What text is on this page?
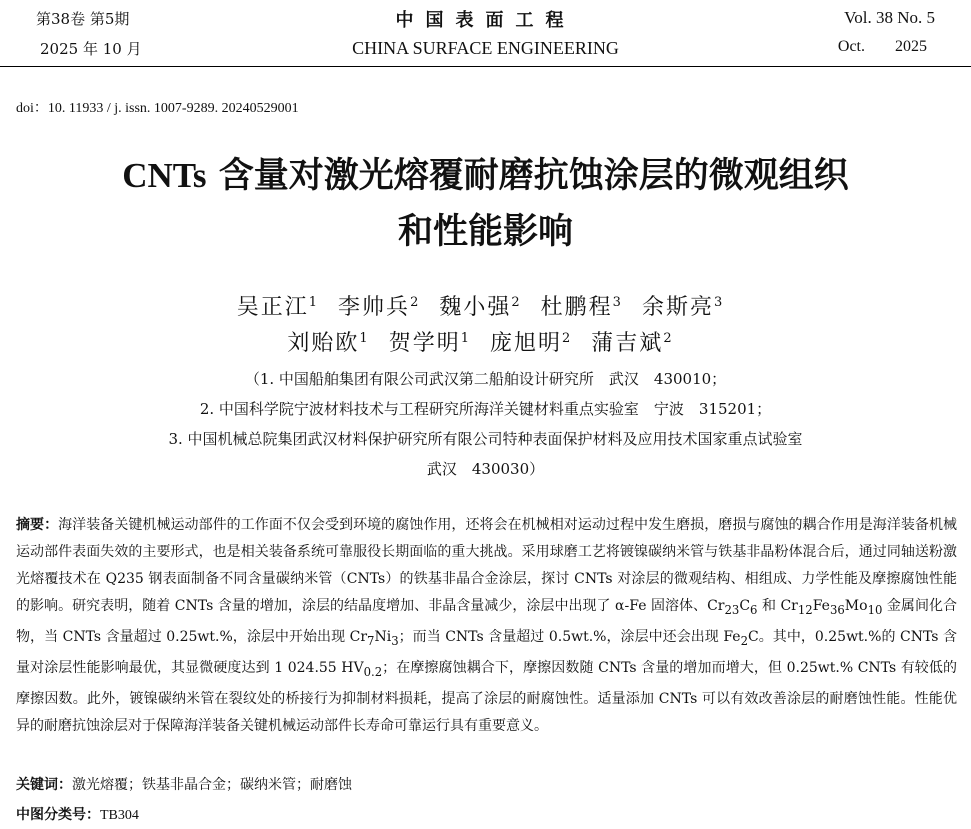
第38卷 第5期
2025 年 10 月
中国表面工程
CHINA SURFACE ENGINEERING
Vol. 38 No. 5
Oct. 2025
doi：10. 11933 / j. issn. 1007-9289. 20240529001
CNTs 含量对激光熔覆耐磨抗蚀涂层的微观组织
和性能影响
吴正江$^1$ 李帅兵$^2$ 魏小强$^2$ 杜鹏程$^3$ 余斯亮$^3$
刘贻欧$^1$ 贺学明$^1$ 庞旭明$^2$ 蒲吉斌$^2$
（1. 中国船舶集团有限公司武汉第二船舶设计研究所　武汉　430010；
2. 中国科学院宁波材料技术与工程研究所海洋关键材料重点实验室　宁波　315201；
3. 中国机械总院集团武汉材料保护研究所有限公司特种表面保护材料及应用技术国家重点试验室
武汉　430030）
摘要：海洋装备关键机械运动部件的工作面不仅会受到环境的腐蚀作用，还将会在机械相对运动过程中发生磨损，磨损与腐蚀的耦合作用是海洋装备机械运动部件表面失效的主要形式，也是相关装备系统可靠服役长期面临的重大挑战。采用球磨工艺将镀镍碳纳米管与铁基非晶粉体混合后，通过同轴送粉激光熔覆技术在 Q235 钢表面制备不同含量碳纳米管（CNTs）的铁基非晶合金涂层，探讨 CNTs 对涂层的微观结构、相组成、力学性能及摩擦腐蚀性能的影响。研究表明，随着 CNTs 含量的增加，涂层的结晶度增加、非晶含量减少，涂层中出现了 α-Fe 固溶体、$Cr_{23}C_6$ 和 $Cr_{12}Fe_{36}Mo_{10}$ 金属间化合物，当 CNTs 含量超过 0.25wt.%，涂层中开始出现 $Cr_7Ni_3$；而当 CNTs 含量超过 0.5wt.%，涂层中还会出现 $Fe_2C$。其中，0.25wt.%的 CNTs 含量对涂层性能影响最优，其显微硬度达到 1 024.55 $HV_{0.2}$；在摩擦腐蚀耦合下，摩擦因数随 CNTs 含量的增加而增大，但 0.25wt.% CNTs 有较低的摩擦因数。此外，镀镍碳纳米管在裂纹处的桥接行为抑制材料损耗，提高了涂层的耐腐蚀性。适量添加 CNTs 可以有效改善涂层的耐磨蚀性能。性能优异的耐磨抗蚀涂层对于保障海洋装备关键机械运动部件长寿命可靠运行具有重要意义。
关键词：激光熔覆；铁基非晶合金；碳纳米管；耐磨蚀
中图分类号：TB304
